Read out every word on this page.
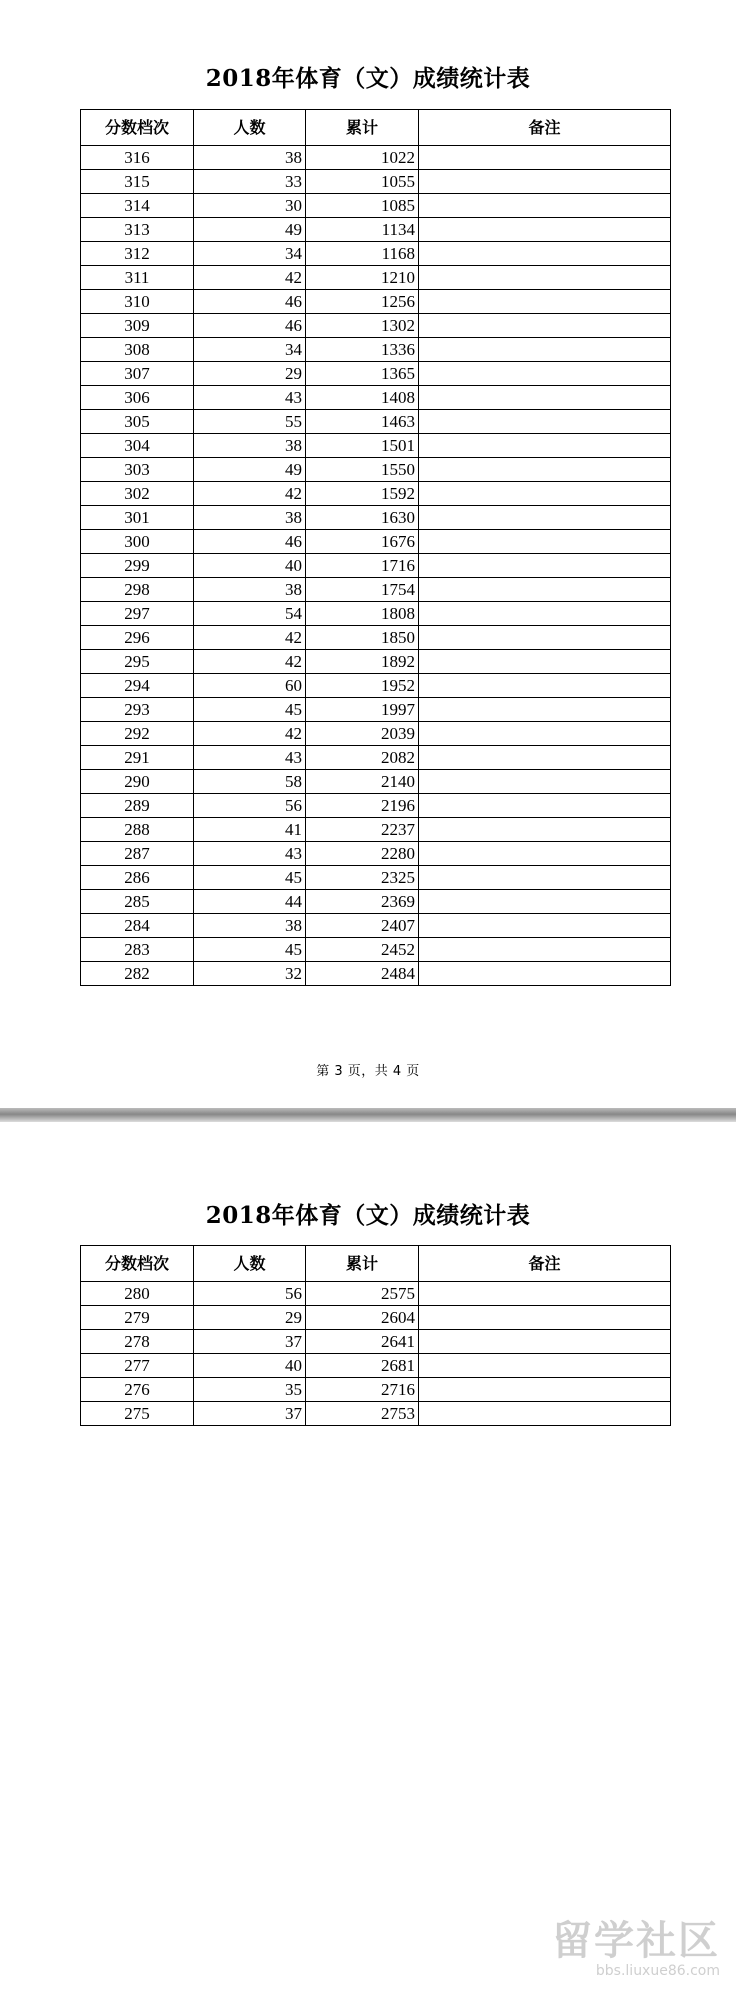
2018年体育（文）成绩统计表
分数档次	人数	累计	备注
316	38	1022	
315	33	1055	
314	30	1085	
313	49	1134	
312	34	1168	
311	42	1210	
310	46	1256	
309	46	1302	
308	34	1336	
307	29	1365	
306	43	1408	
305	55	1463	
304	38	1501	
303	49	1550	
302	42	1592	
301	38	1630	
300	46	1676	
299	40	1716	
298	38	1754	
297	54	1808	
296	42	1850	
295	42	1892	
294	60	1952	
293	45	1997	
292	42	2039	
291	43	2082	
290	58	2140	
289	56	2196	
288	41	2237	
287	43	2280	
286	45	2325	
285	44	2369	
284	38	2407	
283	45	2452	
282	32	2484	
第 3 页，共 4 页
2018年体育（文）成绩统计表
分数档次	人数	累计	备注
280	56	2575	
279	29	2604	
278	37	2641	
277	40	2681	
276	35	2716	
275	37	2753	
留学社区
bbs.liuxue86.com
